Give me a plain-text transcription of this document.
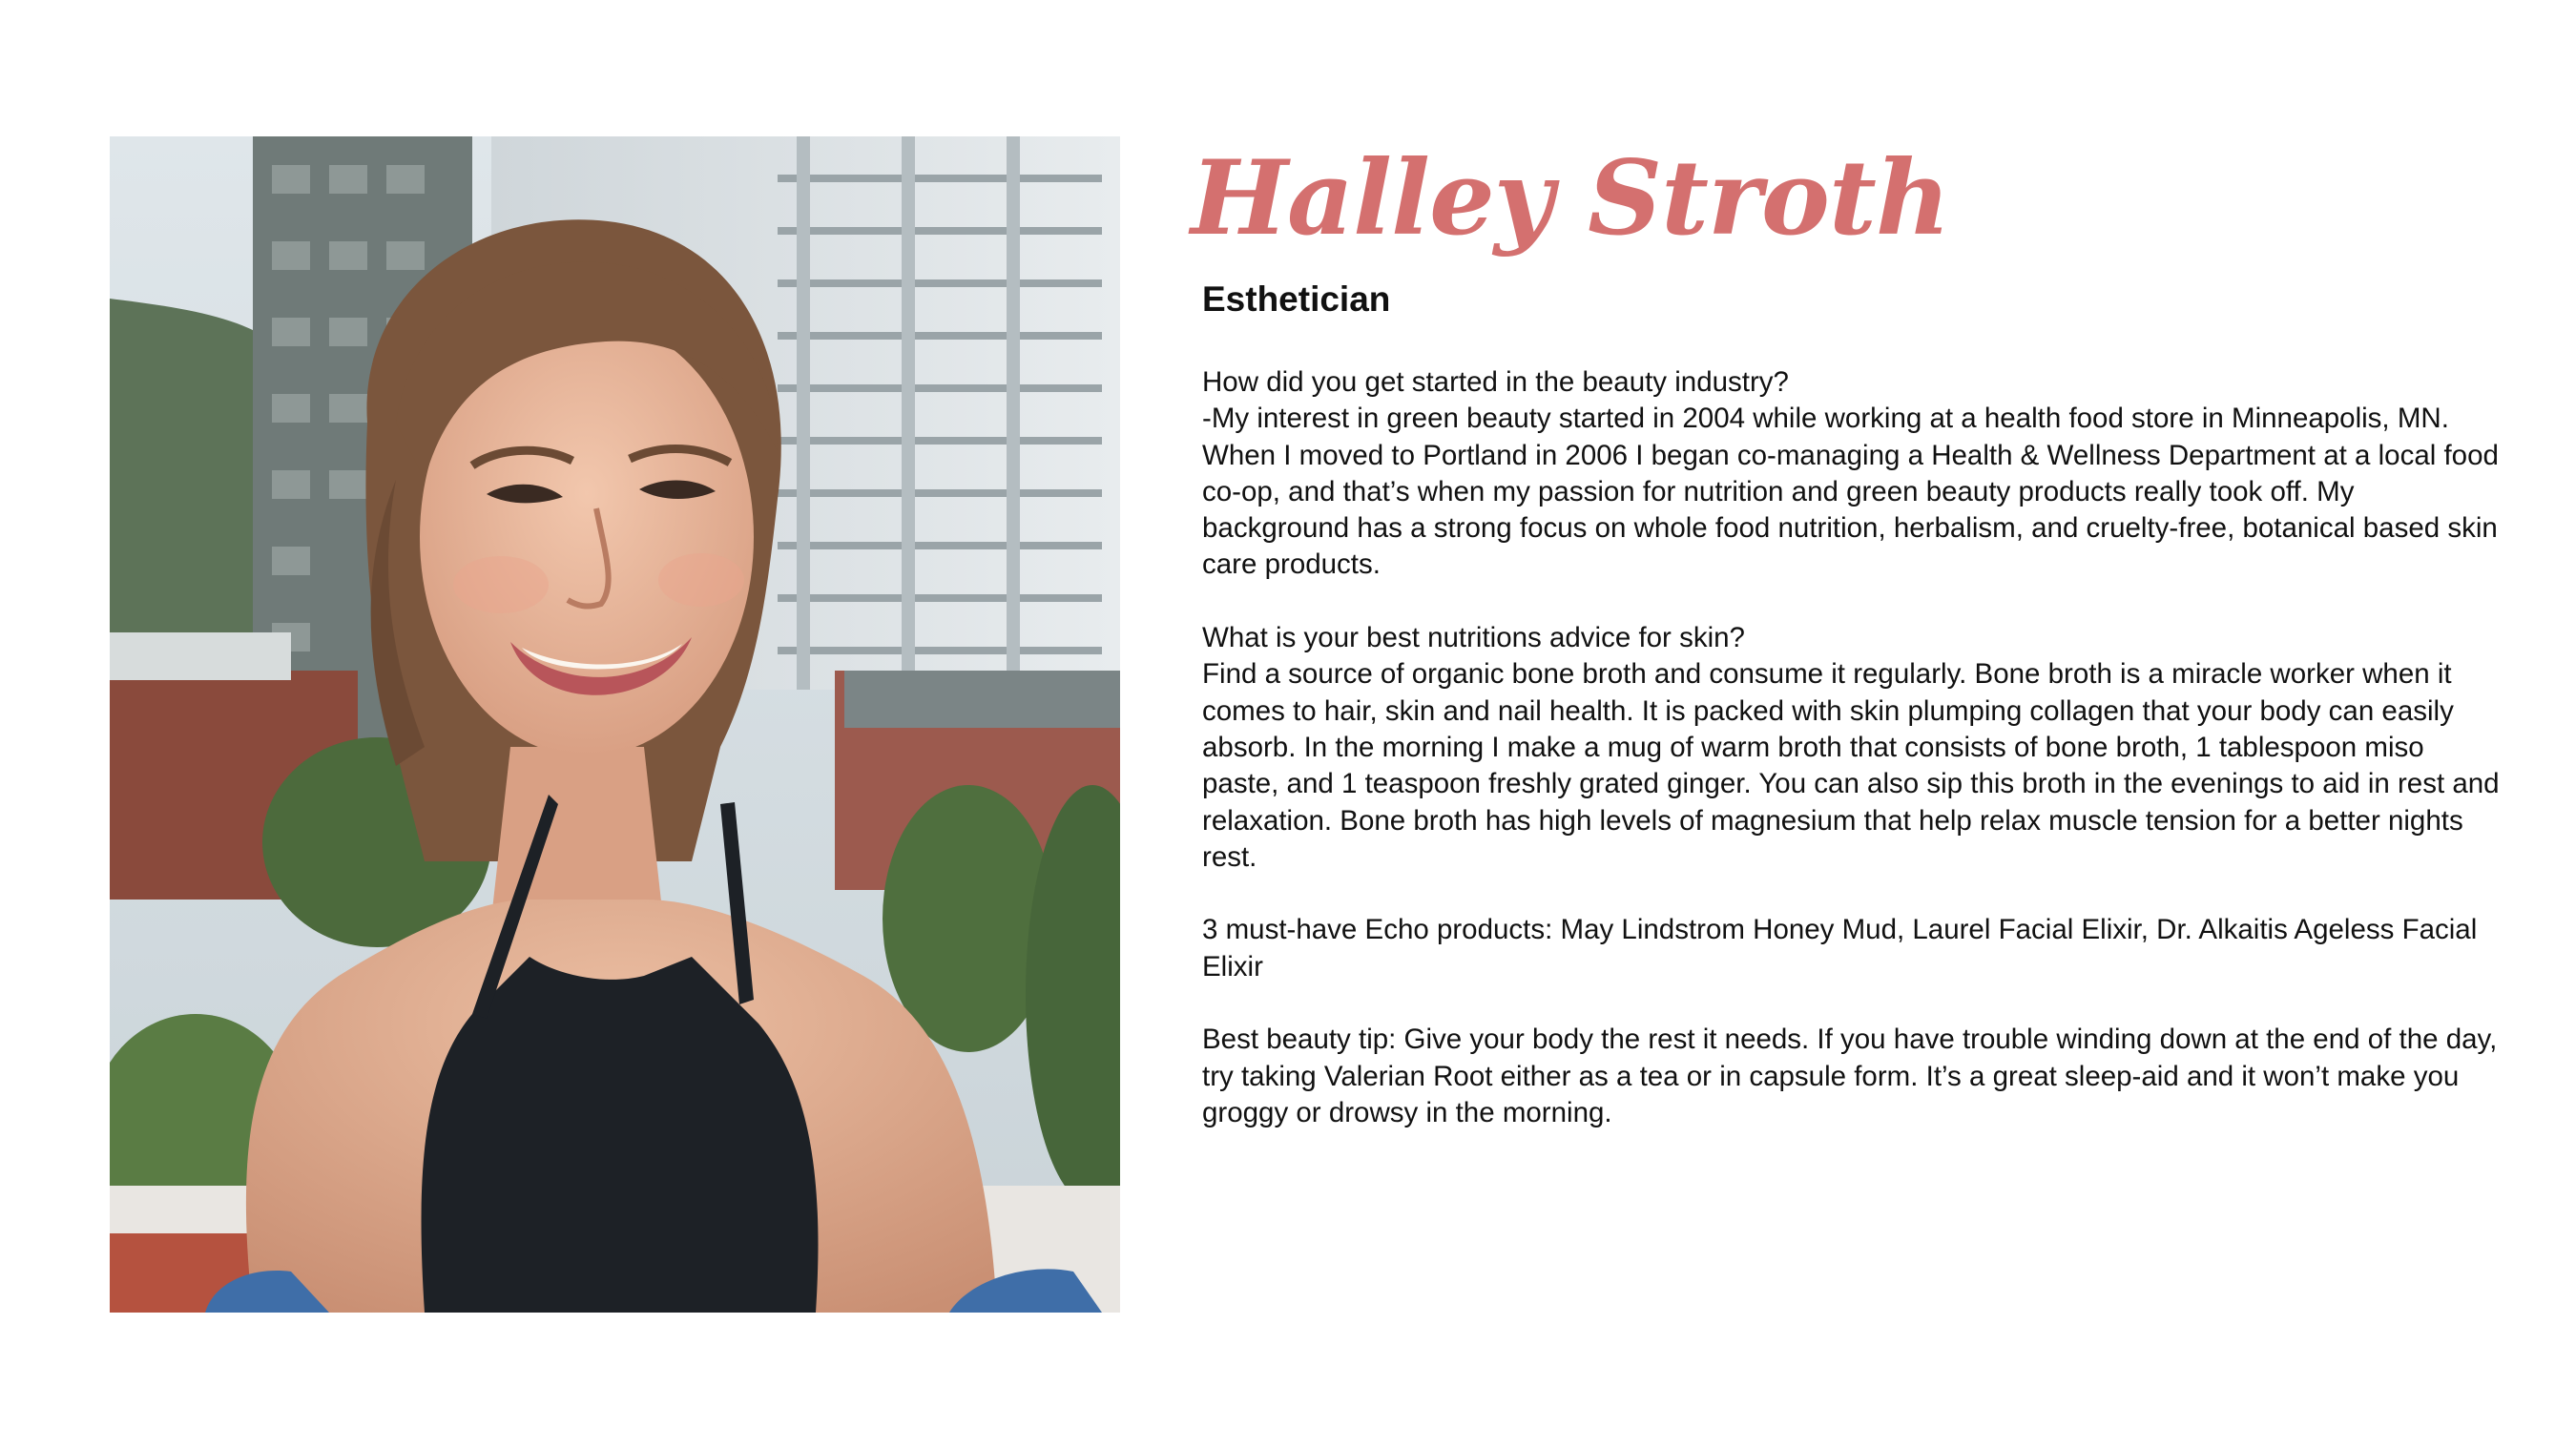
Halley Stroth
Esthetician

How did you get started in the beauty industry?
-My interest in green beauty started in 2004 while working at a health food store in Minneapolis, MN. When I moved to Portland in 2006 I began co-managing a Health & Wellness Department at a local food co-op, and that’s when my passion for nutrition and green beauty products really took off. My background has a strong focus on whole food nutrition, herbalism, and cruelty-free, botanical based skin care products.

What is your best nutritions advice for skin?
Find a source of organic bone broth and consume it regularly. Bone broth is a miracle worker when it comes to hair, skin and nail health. It is packed with skin plumping collagen that your body can easily absorb. In the morning I make a mug of warm broth that consists of bone broth, 1 tablespoon miso paste, and 1 teaspoon freshly grated ginger. You can also sip this broth in the evenings to aid in rest and relaxation. Bone broth has high levels of magnesium that help relax muscle tension for a better nights rest.

3 must-have Echo products: May Lindstrom Honey Mud, Laurel Facial Elixir, Dr. Alkaitis Ageless Facial Elixir

Best beauty tip: Give your body the rest it needs. If you have trouble winding down at the end of the day, try taking Valerian Root either as a tea or in capsule form. It’s a great sleep-aid and it won’t make you groggy or drowsy in the morning.
